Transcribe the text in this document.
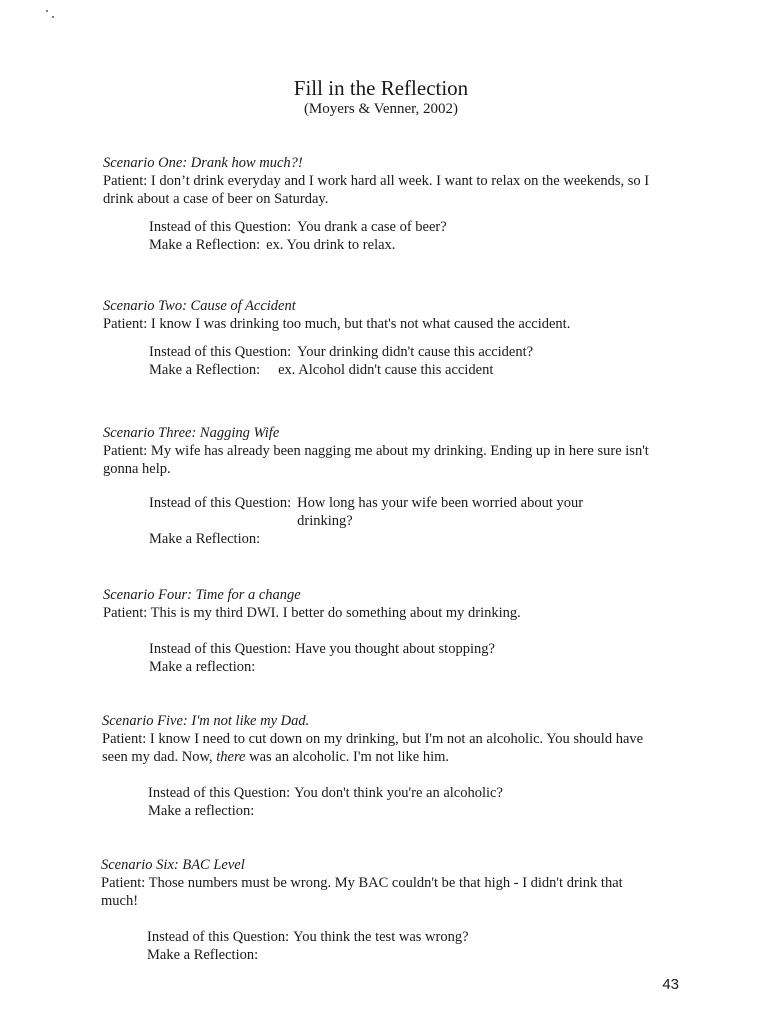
Fill in the Reflection
(Moyers & Venner, 2002)
Scenario One: Drank how much?!

Patient: I don’t drink everyday and I work hard all week. I want to relax on the weekends, so I drink about a case of beer on Saturday.

Instead of this Question: You drank a case of beer?
Make a Reflection: ex. You drink to relax.
Scenario Two: Cause of Accident

Patient: I know I was drinking too much, but that's not what caused the accident.

Instead of this Question: Your drinking didn't cause this accident?
Make a Reflection:	ex. Alcohol didn't cause this accident
Scenario Three: Nagging Wife

Patient: My wife has already been nagging me about my drinking. Ending up in here sure isn't gonna help.

Instead of this Question: How long has your wife been worried about your drinking?
Make a Reflection:
Scenario Four: Time for a change

Patient: This is my third DWI. I better do something about my drinking.

Instead of this Question: Have you thought about stopping?
Make a reflection:
Scenario Five: I'm not like my Dad.

Patient: I know I need to cut down on my drinking, but I'm not an alcoholic. You should have seen my dad. Now, there was an alcoholic. I'm not like him.

Instead of this Question: You don't think you're an alcoholic?
Make a reflection:
Scenario Six: BAC Level

Patient: Those numbers must be wrong. My BAC couldn't be that high - I didn't drink that much!

Instead of this Question: You think the test was wrong?
Make a Reflection:
43
